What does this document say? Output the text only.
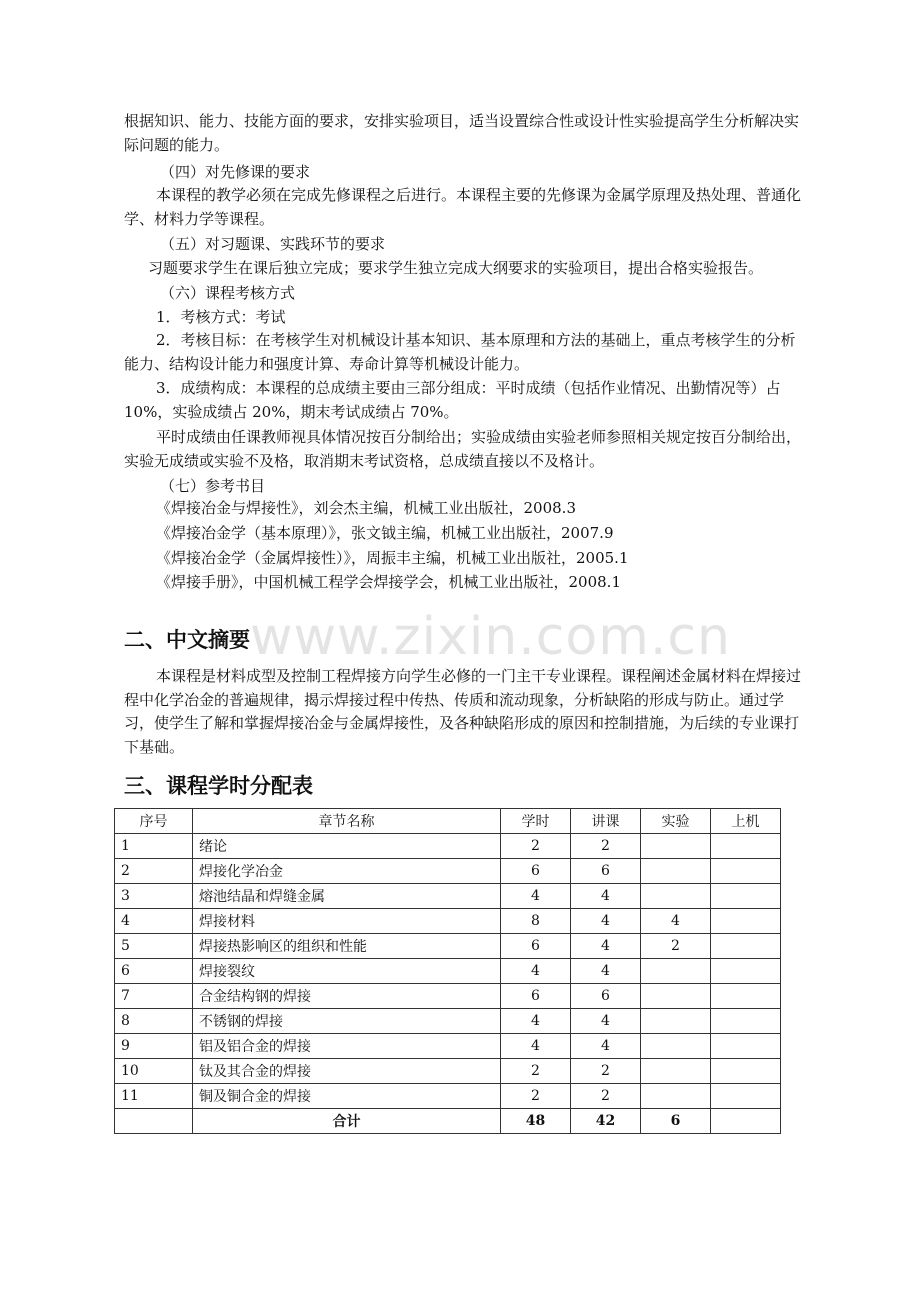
www.zixin.com.cn

根据知识、能力、技能方面的要求，安排实验项目，适当设置综合性或设计性实验提高学生分析解决实际问题的能力。

（四）对先修课的要求

本课程的教学必须在完成先修课程之后进行。本课程主要的先修课为金属学原理及热处理、普通化学、材料力学等课程。

（五）对习题课、实践环节的要求
习题要求学生在课后独立完成；要求学生独立完成大纲要求的实验项目，提出合格实验报告。
（六）课程考核方式
1．考核方式：考试

2．考核目标：在考核学生对机械设计基本知识、基本原理和方法的基础上，重点考核学生的分析能力、结构设计能力和强度计算、寿命计算等机械设计能力。

3．成绩构成：本课程的总成绩主要由三部分组成：平时成绩（包括作业情况、出勤情况等）占 10%，实验成绩占 20%，期末考试成绩占 70%。

平时成绩由任课教师视具体情况按百分制给出；实验成绩由实验老师参照相关规定按百分制给出，实验无成绩或实验不及格，取消期末考试资格，总成绩直接以不及格计。

（七）参考书目
《焊接冶金与焊接性》，刘会杰主编，机械工业出版社，2008.3
《焊接冶金学（基本原理）》，张文钺主编，机械工业出版社，2007.9
《焊接冶金学（金属焊接性）》，周振丰主编，机械工业出版社，2005.1
《焊接手册》，中国机械工程学会焊接学会，机械工业出版社，2008.1
二、中文摘要

本课程是材料成型及控制工程焊接方向学生必修的一门主干专业课程。课程阐述金属材料在焊接过程中化学冶金的普遍规律，揭示焊接过程中传热、传质和流动现象，分析缺陷的形成与防止。通过学习，使学生了解和掌握焊接冶金与金属焊接性，及各种缺陷形成的原因和控制措施，为后续的专业课打下基础。

三、课程学时分配表
序号	章节名称	学时	讲课	实验	上机
1	绪论	2	2		
2	焊接化学冶金	6	6		
3	熔池结晶和焊缝金属	4	4		
4	焊接材料	8	4	4	
5	焊接热影响区的组织和性能	6	4	2	
6	焊接裂纹	4	4		
7	合金结构钢的焊接	6	6		
8	不锈钢的焊接	4	4		
9	铝及铝合金的焊接	4	4		
10	钛及其合金的焊接	2	2		
11	铜及铜合金的焊接	2	2		
	合计	48	42	6	
